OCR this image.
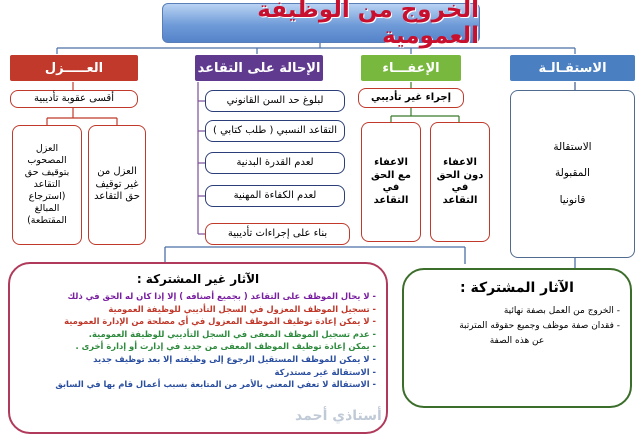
الخروج من الوظيفة العمومية
العـــــزل	الإحالة على التقاعد	الإعفـــاء	الاستقـالـة
أقسى عقوبة تأديبية
العزل من
غير توقيف
حق التقاعد
العزل
المصحوب
بتوقيف حق
التقاعد
(استرجاع
المبالغ
المقتطعة)
لبلوغ حد السن القانوني
التقاعد النسبي ( طلب كتابي )
لعدم القدرة البدنية
لعدم الكفاءة المهنية
بناء على إجراءات تأديبية
إجراء غير تأديبي
الاعفاء
مع الحق
في التقاعد
الاعفاء
دون الحق
في
التقاعد
الاستقالة

المقبولة

قانونيا
الآثار غير المشتركة :
- لا يحال الموظف على التقاعد ( بجميع أصنافه ) إلا إذا كان له الحق في ذلك
- تسجيل الموظف المعزول في السجل التأديبي للوظيفة العمومية
- لا يمكن إعادة توظيف الموظف المعزول في أي مصلحة من الإدارة العمومية
- عدم تسجيل الموظف المعفى في السجل التأديبي للوظيفة العمومية.
- يمكن إعادة توظيف الموظف المعفى من جديد في إدارت أو إدارة أخرى .
- لا يمكن للموظف المستقيل الرجوع إلى وظيفته إلا بعد توظيف جديد
- الاستقالة غير مستدركة
- الاستقالة لا تعفي المعني بالأمر من المتابعة بسبب أعمال قام بها في السابق
الآثار المشتركة :
- الخروج من العمل بصفة نهائية
- فقدان صفة موظف وجميع حقوقه المترتبة
عن هذه الصفة
أستاذي أحمد
